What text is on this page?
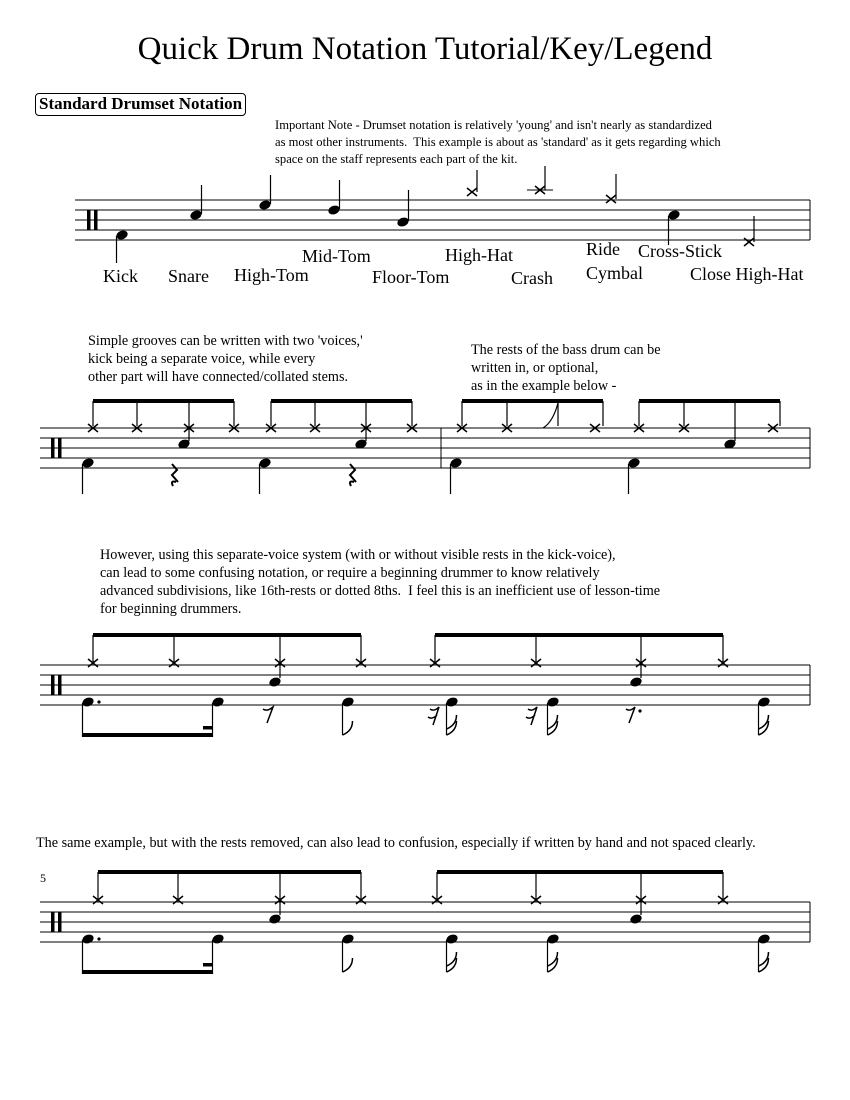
Quick Drum Notation Tutorial/Key/Legend
Standard Drumset Notation
Important Note - Drumset notation is relatively 'young' and isn't nearly as standardized
as most other instruments.  This example is about as 'standard' as it gets regarding which
space on the staff represents each part of the kit.
Kick Snare High-Tom
Mid-Tom
Floor-Tom
High-Hat
Crash
Ride
Cymbal
Cross-Stick
Close High-Hat
Simple grooves can be written with two 'voices,'
kick being a separate voice, while every
other part will have connected/collated stems.
The rests of the bass drum can be
written in, or optional,
as in the example below -
However, using this separate-voice system (with or without visible rests in the kick-voice),
can lead to some confusing notation, or require a beginning drummer to know relatively
advanced subdivisions, like 16th-rests or dotted 8ths.  I feel this is an inefficient use of lesson-time
for beginning drummers.
The same example, but with the rests removed, can also lead to confusion, especially if written by hand and not spaced clearly.
5
